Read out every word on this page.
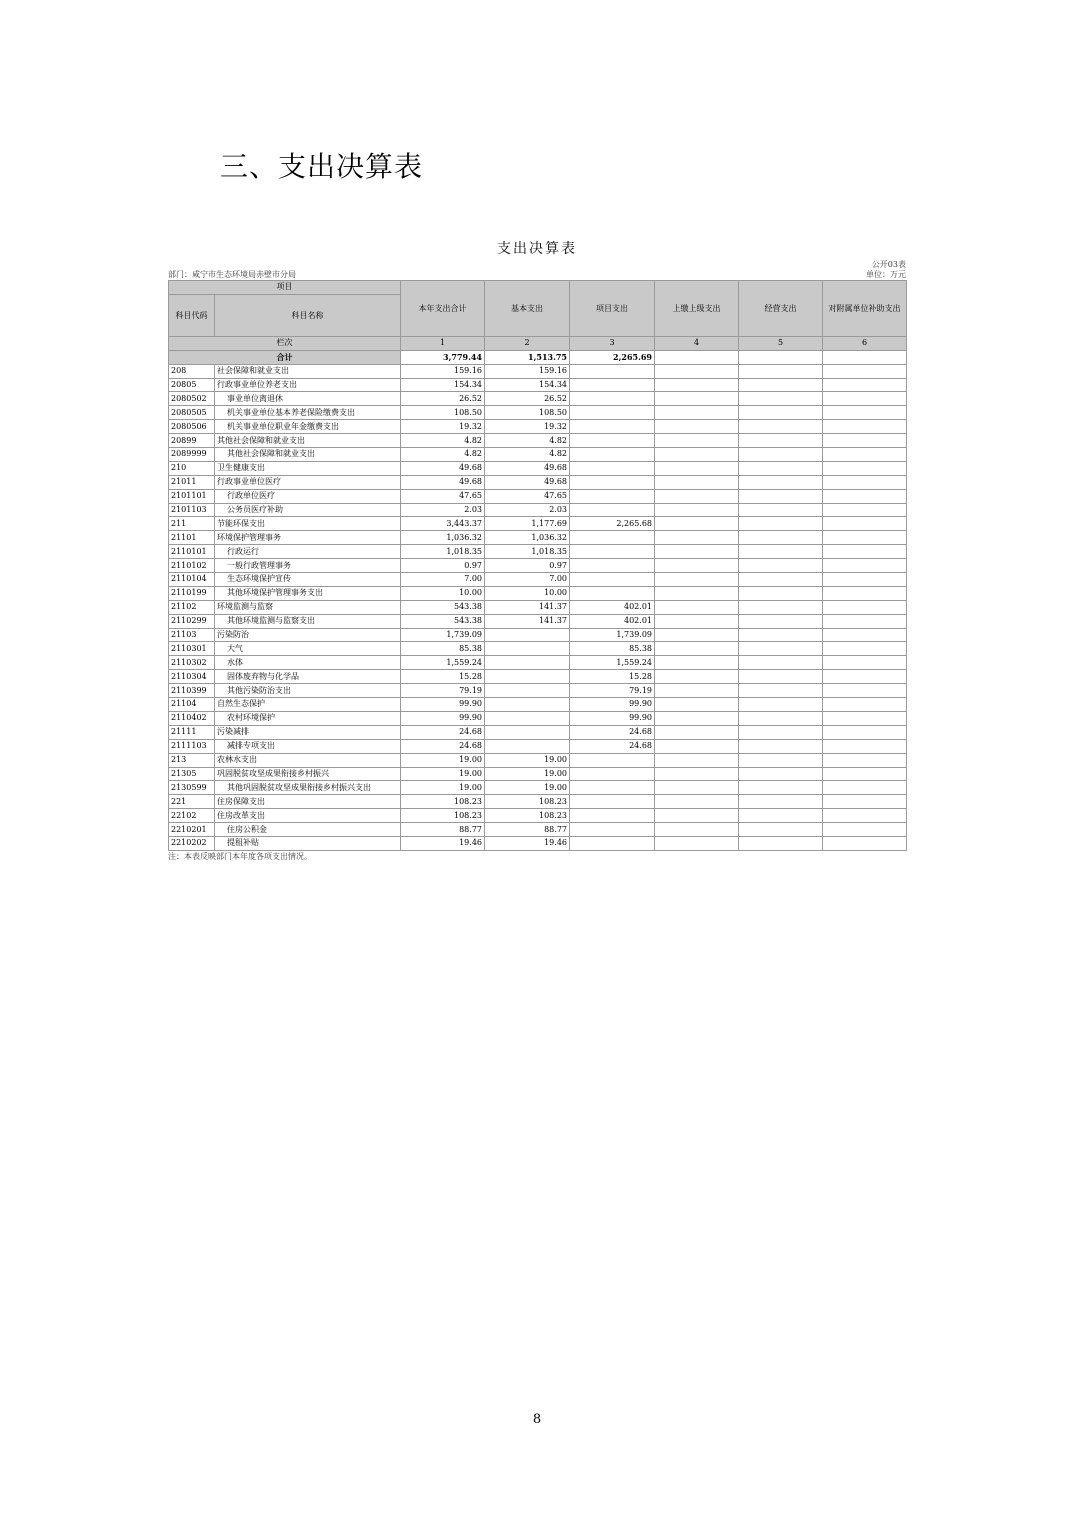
三、支出决算表
支出决算表
公开03表
部门：咸宁市生态环境局赤壁市分局	单位：万元
项目		本年支出合计	基本支出	项目支出	上缴上级支出	经营支出	对附属单位补助支出
科目代码	科目名称						
栏次		1	2	3	4	5	6
合计		3,779.44	1,513.75	2,265.69			
208	社会保障和就业支出	159.16	159.16				
20805	行政事业单位养老支出	154.34	154.34				
2080502	事业单位离退休	26.52	26.52				
2080505	机关事业单位基本养老保险缴费支出	108.50	108.50				
2080506	机关事业单位职业年金缴费支出	19.32	19.32				
20899	其他社会保障和就业支出	4.82	4.82				
2089999	其他社会保障和就业支出	4.82	4.82				
210	卫生健康支出	49.68	49.68				
21011	行政事业单位医疗	49.68	49.68				
2101101	行政单位医疗	47.65	47.65				
2101103	公务员医疗补助	2.03	2.03				
211	节能环保支出	3,443.37	1,177.69	2,265.68			
21101	环境保护管理事务	1,036.32	1,036.32				
2110101	行政运行	1,018.35	1,018.35				
2110102	一般行政管理事务	0.97	0.97				
2110104	生态环境保护宣传	7.00	7.00				
2110199	其他环境保护管理事务支出	10.00	10.00				
21102	环境监测与监察	543.38	141.37	402.01			
2110299	其他环境监测与监察支出	543.38	141.37	402.01			
21103	污染防治	1,739.09		1,739.09			
2110301	大气	85.38		85.38			
2110302	水体	1,559.24		1,559.24			
2110304	固体废弃物与化学品	15.28		15.28			
2110399	其他污染防治支出	79.19		79.19			
21104	自然生态保护	99.90		99.90			
2110402	农村环境保护	99.90		99.90			
21111	污染减排	24.68		24.68			
2111103	减排专项支出	24.68		24.68			
213	农林水支出	19.00	19.00				
21305	巩固脱贫攻坚成果衔接乡村振兴	19.00	19.00				
2130599	其他巩固脱贫攻坚成果衔接乡村振兴支出	19.00	19.00				
221	住房保障支出	108.23	108.23				
22102	住房改革支出	108.23	108.23				
2210201	住房公积金	88.77	88.77				
2210202	提租补贴	19.46	19.46				
注：本表反映部门本年度各项支出情况。
8
